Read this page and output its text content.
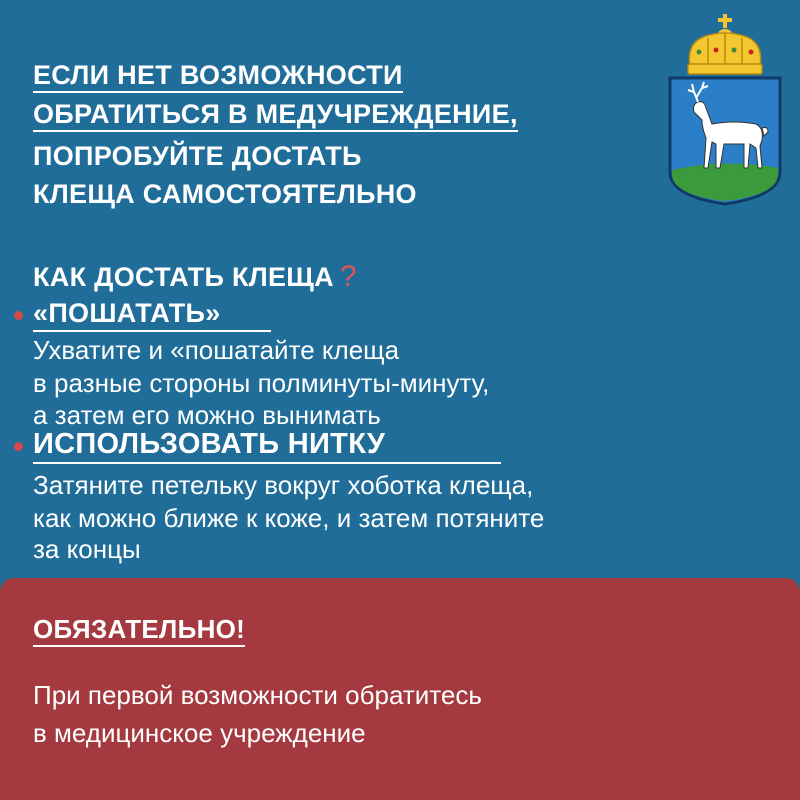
ЕСЛИ НЕТ ВОЗМОЖНОСТИ

ОБРАТИТЬСЯ В МЕДУЧРЕЖДЕНИЕ,

ПОПРОБУЙТЕ ДОСТАТЬ

КЛЕЩА САМОСТОЯТЕЛЬНО

КАК ДОСТАТЬ КЛЕЩА ?

«ПОШАТАТЬ»

Ухватите и «пошатайте клеща

в разные стороны полминуты-минуту,

а затем его можно вынимать

ИСПОЛЬЗОВАТЬ НИТКУ

Затяните петельку вокруг хоботка клеща,

как можно ближе к коже, и затем потяните

за концы

ОБЯЗАТЕЛЬНО!

При первой возможности обратитесь

в медицинское учреждение
